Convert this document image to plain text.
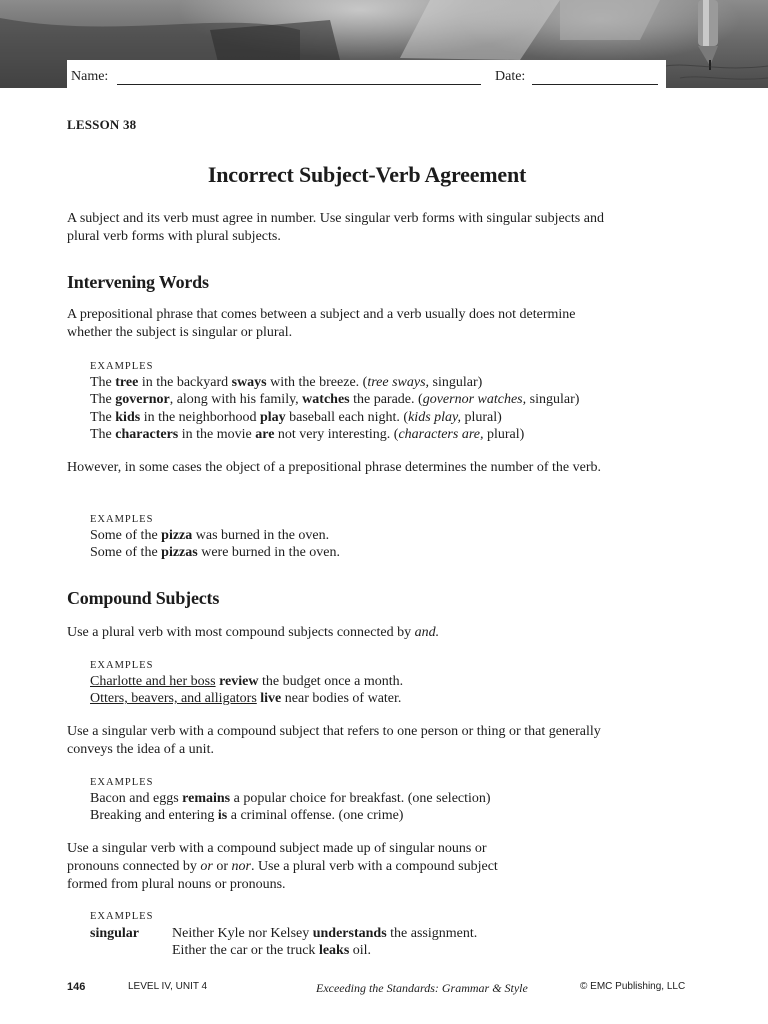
Name:	Date:
LESSON 38
Incorrect Subject-Verb Agreement
A subject and its verb must agree in number. Use singular verb forms with singular subjects and plural verb forms with plural subjects.
Intervening Words
A prepositional phrase that comes between a subject and a verb usually does not determine whether the subject is singular or plural.
EXAMPLES
The tree in the backyard sways with the breeze. (tree sways, singular)
The governor, along with his family, watches the parade. (governor watches, singular)
The kids in the neighborhood play baseball each night. (kids play, plural)
The characters in the movie are not very interesting. (characters are, plural)
However, in some cases the object of a prepositional phrase determines the number of the verb.
EXAMPLES
Some of the pizza was burned in the oven.
Some of the pizzas were burned in the oven.
Compound Subjects
Use a plural verb with most compound subjects connected by and.
EXAMPLES
Charlotte and her boss review the budget once a month.
Otters, beavers, and alligators live near bodies of water.
Use a singular verb with a compound subject that refers to one person or thing or that generally conveys the idea of a unit.
EXAMPLES
Bacon and eggs remains a popular choice for breakfast. (one selection)
Breaking and entering is a criminal offense. (one crime)
Use a singular verb with a compound subject made up of singular nouns or pronouns connected by or or nor. Use a plural verb with a compound subject formed from plural nouns or pronouns.
EXAMPLES
singular	Neither Kyle nor Kelsey understands the assignment.
Either the car or the truck leaks oil.
146	LEVEL IV, UNIT 4	Exceeding the Standards: Grammar & Style	© EMC Publishing, LLC
